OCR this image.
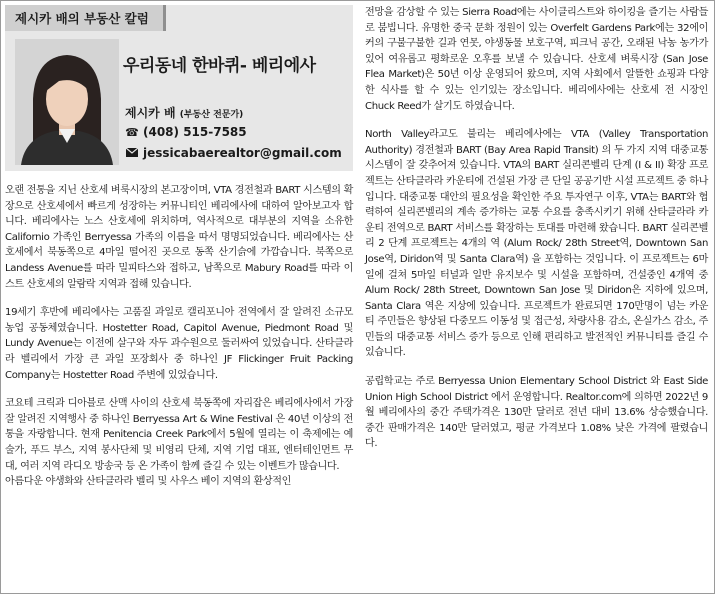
제시카 배의 부동산 칼럼
우리동네 한바퀴- 베리에사
제시카 배 (부동산 전문가)
☎ (408) 515-7585
jessicabaerealtor@gmail.com

오랜 전통을 지닌 산호세 벼룩시장의 본고장이며, VTA 경전철과 BART 시스템의 확장으로 산호세에서 빠르게 성장하는 커뮤니티인 베리에사에 대하여 알아보고자 합니다. 베리에사는 노스 산호세에 위치하며, 역사적으로 대부분의 지역을 소유한 Californio 가족인 Berryessa 가족의 이름을 따서 명명되었습니다. 베리에사는 산호세에서 북동쪽으로 4마일 떨어진 곳으로 동쪽 산기슭에 가깝습니다. 북쪽으로 Landess Avenue를 따라 밀피타스와 접하고, 남쪽으로 Mabury Road를 따라 이스트 산호세의 알람락 지역과 접해 있습니다.

19세기 후반에 베리에사는 고품질 과일로 캘리포니아 전역에서 잘 알려진 소규모 농업 공동체였습니다. Hostetter Road, Capitol Avenue, Piedmont Road 및 Lundy Avenue는 이전에 살구와 자두 과수원으로 둘러싸여 있었습니다. 산타클라라 벨리에서 가장 큰 과일 포장회사 중 하나인 JF Flickinger Fruit Packing Company는 Hostetter Road 주변에 있었습니다.

코요테 크릭과 디아블로 산맥 사이의 산호세 북동쪽에 자리잡은 베리에사에서 가장 잘 알려진 지역행사 중 하나인 Berryessa Art & Wine Festival 은 40년 이상의 전통을 자랑합니다. 현재 Penitencia Creek Park에서 5월에 열리는 이 축제에는 예술가, 푸드 부스, 지역 봉사단체 및 비영리 단체, 지역 기업 대표, 엔터테인먼트 무대, 여러 지역 라디오 방송국 등 온 가족이 함께 즐길 수 있는 이벤트가 많습니다.

아름다운 야생화와 산타클라라 벨리 및 사우스 베이 지역의 환상적인

전망을 감상할 수 있는 Sierra Road에는 사이클리스트와 하이킹을 즐기는 사람들로 붐빕니다. 유명한 중국 문화 정원이 있는 Overfelt Gardens Park에는 32에이커의 구불구불한 길과 연못, 야생동물 보호구역, 피크닉 공간, 오래된 낙농 농가가 있어 여유롭고 평화로운 오후를 보낼 수 있습니다. 산호세 벼룩시장 (San Jose Flea Market)은 50년 이상 운영되어 왔으며, 지역 사회에서 알뜰한 쇼핑과 다양한 식사를 할 수 있는 인기있는 장소입니다. 베리에사에는 산호세 전 시장인 Chuck Reed가 살기도 하였습니다.

North Valley라고도 불리는 베리에사에는 VTA (Valley Transportation Authority) 경전철과 BART (Bay Area Rapid Transit) 의 두 가지 지역 대중교통 시스템이 잘 갖추어져 있습니다. VTA의 BART 실리콘벨리 단계 (I & II) 확장 프로젝트는 산타클라라 카운티에 건설된 가장 큰 단일 공공기반 시설 프로젝트 중 하나입니다. 대중교통 대안의 필요성을 확인한 주요 투자연구 이후, VTA는 BART와 협력하여 실리콘벨리의 계속 증가하는 교통 수요를 충족시키기 위해 산타클라라 카운티 전역으로 BART 서비스를 확장하는 토대를 마련해 왔습니다. BART 실리콘벨리 2 단계 프로젝트는 4개의 역 (Alum Rock/ 28th Street역, Downtown San Jose역, Diridon역 및 Santa Clara역) 을 포함하는 것입니다. 이 프로젝트는 6마일에 걸쳐 5마일 터널과 일반 유지보수 및 시설을 포함하며, 건설중인 4개역 중 Alum Rock/ 28th Street, Downtown San Jose 및 Diridon은 지하에 있으며, Santa Clara 역은 지상에 있습니다. 프로젝트가 완료되면 170만명이 넘는 카운티 주민들은 향상된 다중모드 이동성 및 접근성, 차량사용 감소, 온실가스 감소, 주민들의 대중교통 서비스 증가 등으로 인해 편리하고 발전적인 커뮤니티를 즐길 수 있습니다.

공립학교는 주로 Berryessa Union Elementary School District 와 East Side Union High School District 에서 운영합니다. Realtor.com에 의하면 2022년 9월 베리에사의 중간 주택가격은 130만 달러로 전년 대비 13.6% 상승했습니다. 중간 판매가격은 140만 달러였고, 평균 가격보다 1.08% 낮은 가격에 팔렸습니다.
